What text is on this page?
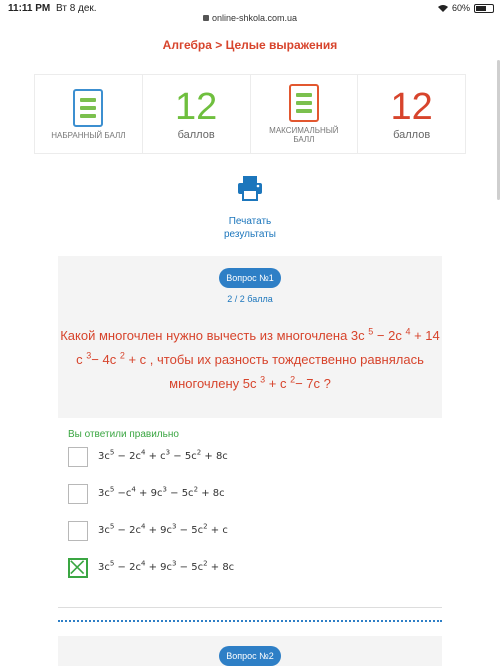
11:11 PM Вт 8 дек.
online-shkola.com.ua
60%
Алгебра > Целые выражения
НАБРАННЫЙ БАЛЛ
12
баллов	МАКСИМАЛЬНЫЙ БАЛЛ
12
баллов
Печатать
результаты
Вопрос №1
2 / 2 балла
Какой многочлен нужно вычесть из многочлена 3c $^5$ − 2c $^4$ + 14
c $^3$− 4c $^2$ + c , чтобы их разность тождественно равнялась
многочлену 5c $^3$ + c $^2$− 7c ?
Вы ответили правильно
$3c^5 - 2c^4 + c^3 - 5c^2 + 8c$
$3c^5 -c^4 + 9c^3 - 5c^2 + 8c$
$3c^5 - 2c^4 + 9c^3 - 5c^2 + c$
$3c^5 - 2c^4 + 9c^3 - 5c^2 + 8c$
Вопрос №2
